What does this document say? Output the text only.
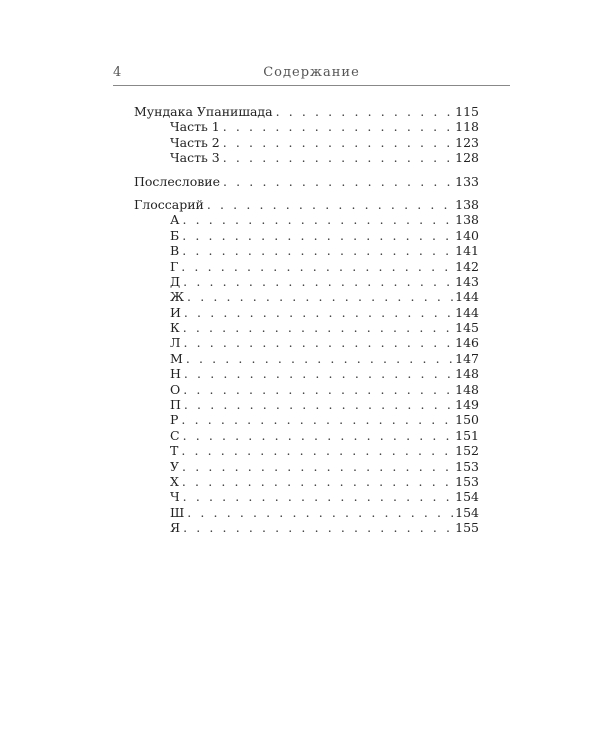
4	Содержание
Мундака Упанишада . . .	115
Часть 1 . . .	118
Часть 2 . . .	123
Часть 3 . . .	128
Послесловие . . .	133
Глоссарий . . .	138
А . . .	138
Б . . .	140
В . . .	141
Г . . .	142
Д . . .	143
Ж . . .	144
И . . .	144
К . . .	145
Л . . .	146
М . . .	147
Н . . .	148
О . . .	148
П . . .	149
Р . . .	150
С . . .	151
Т . . .	152
У . . .	153
Х . . .	153
Ч . . .	154
Ш . . .	154
Я . . .	155
